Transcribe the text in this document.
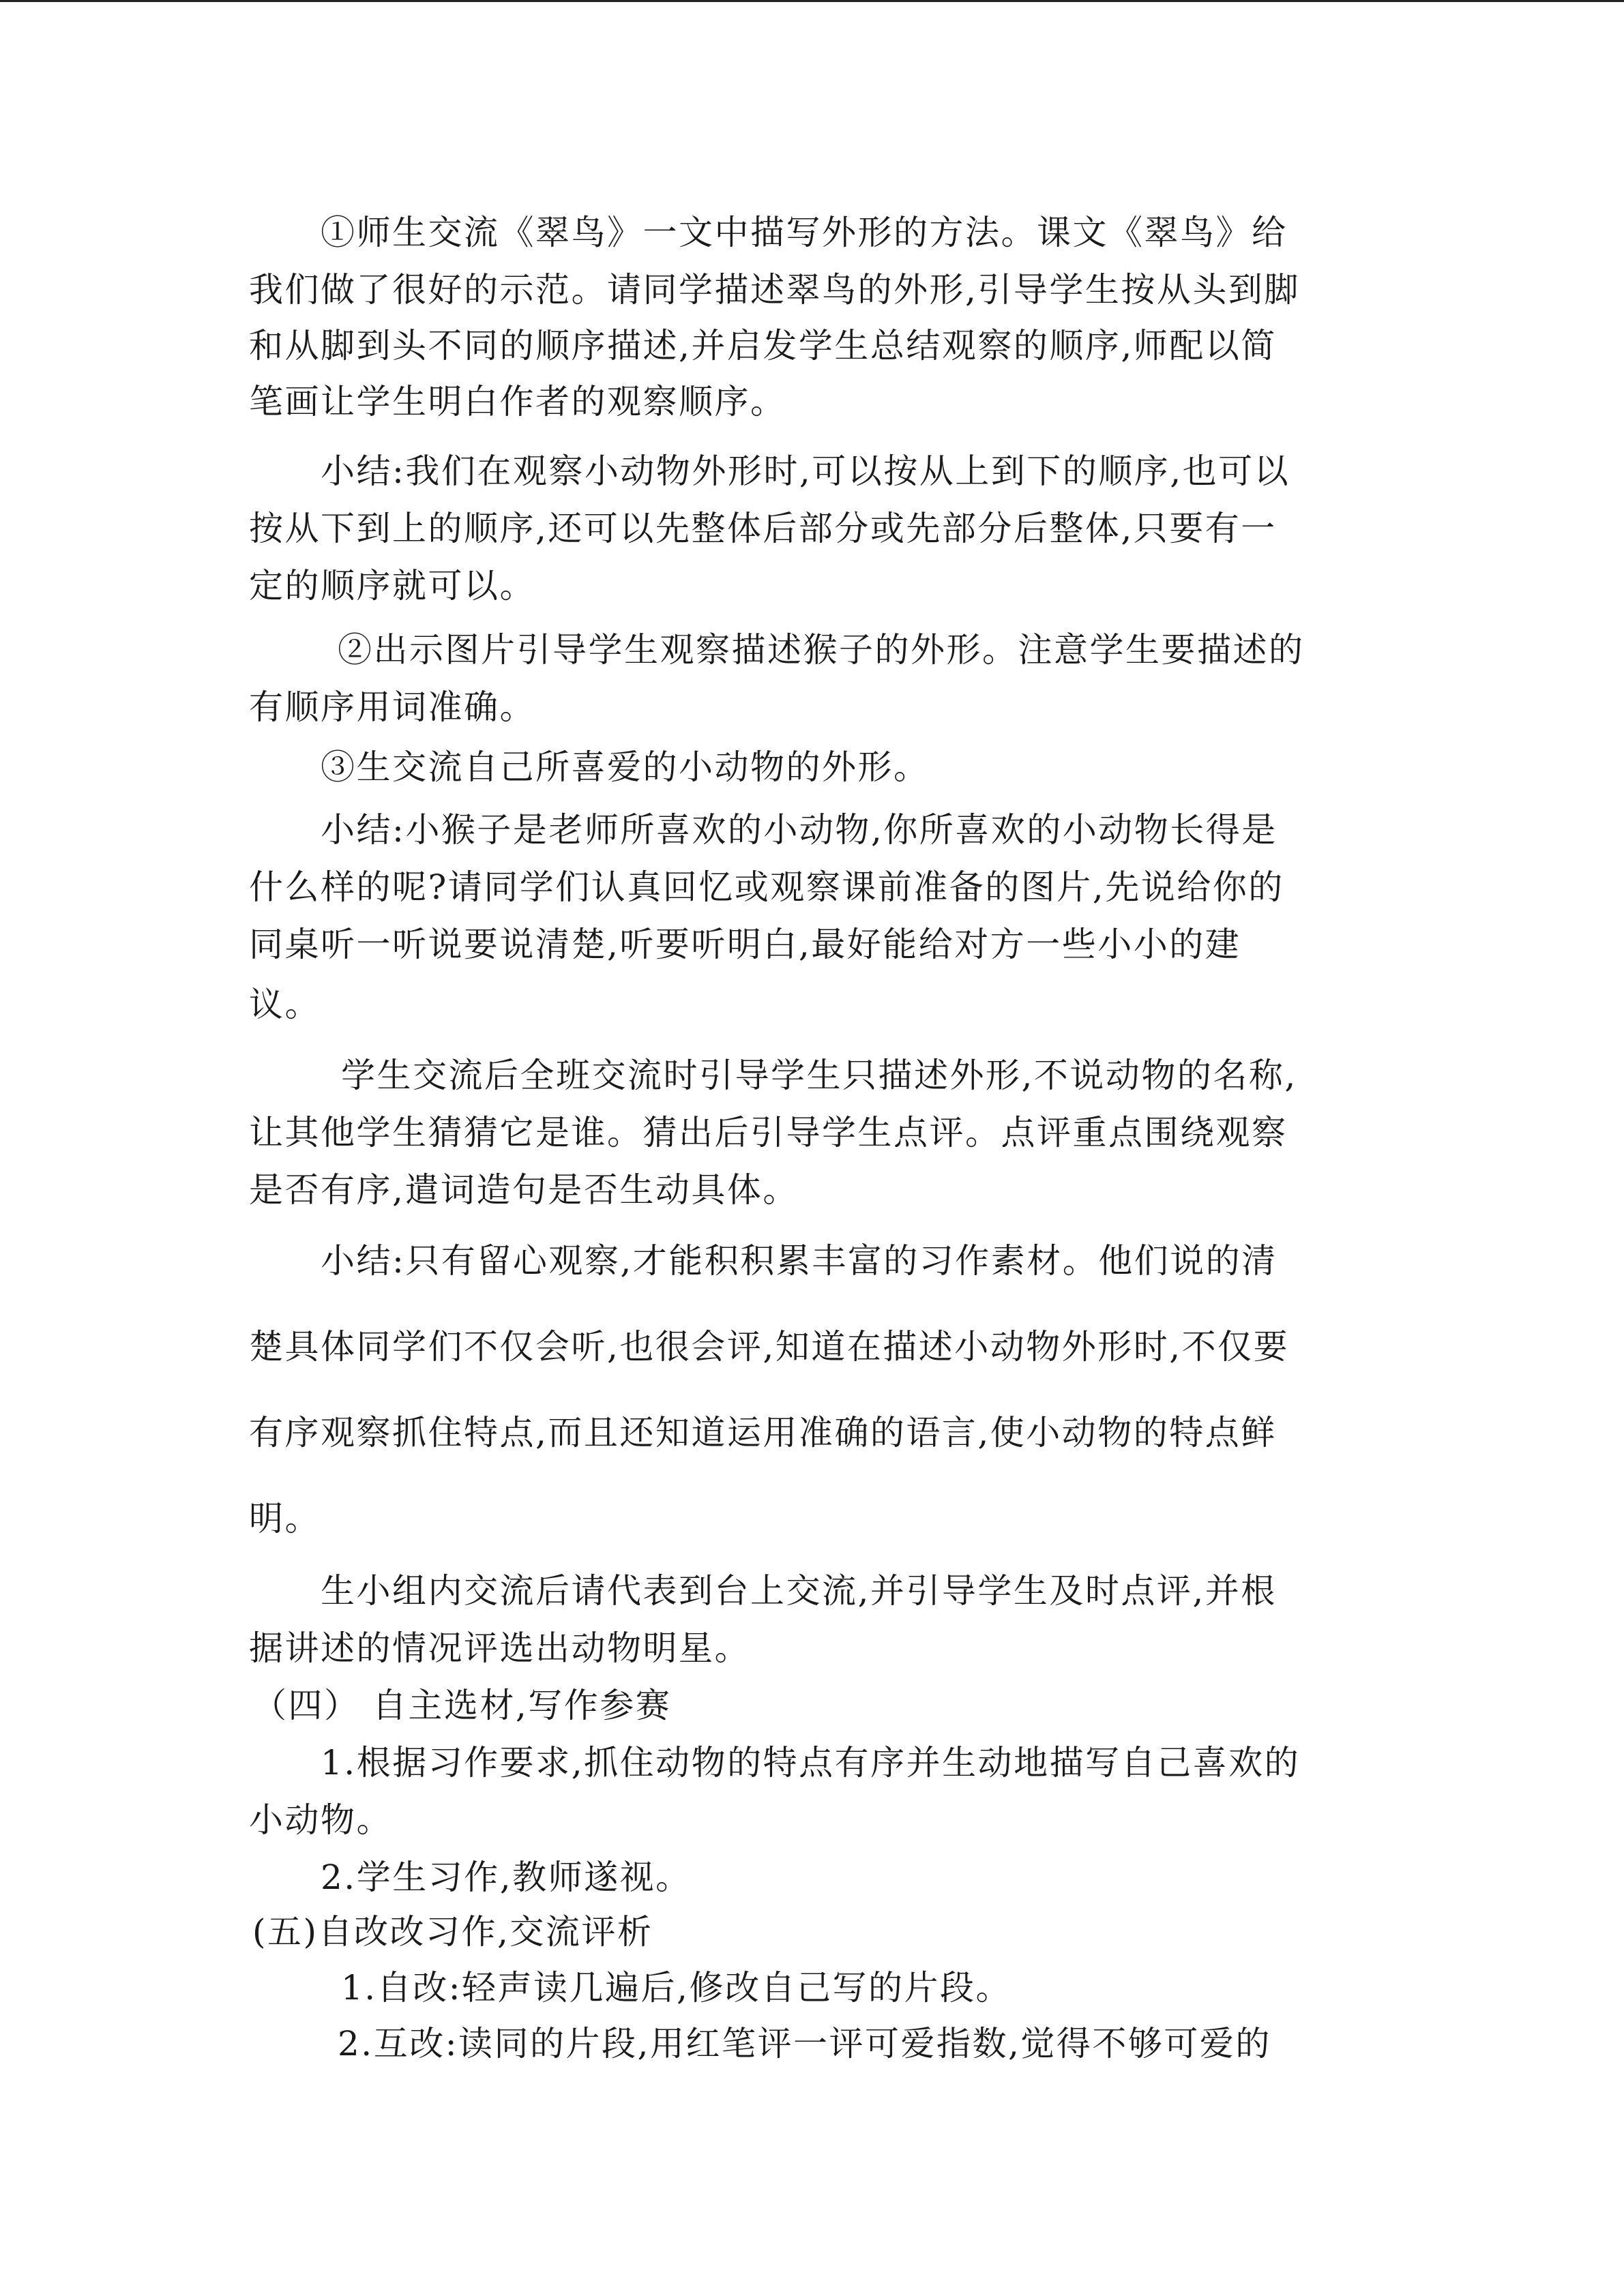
①师生交流《翠鸟》一文中描写外形的方法。课文《翠鸟》给

我们做了很好的示范。请同学描述翠鸟的外形,引导学生按从头到脚

和从脚到头不同的顺序描述,并启发学生总结观察的顺序,师配以简

笔画让学生明白作者的观察顺序。

小结:我们在观察小动物外形时,可以按从上到下的顺序,也可以

按从下到上的顺序,还可以先整体后部分或先部分后整体,只要有一

定的顺序就可以。

②出示图片引导学生观察描述猴子的外形。注意学生要描述的

有顺序用词准确。

③生交流自己所喜爱的小动物的外形。

小结:小猴子是老师所喜欢的小动物,你所喜欢的小动物长得是

什么样的呢?请同学们认真回忆或观察课前准备的图片,先说给你的

同桌听一听说要说清楚,听要听明白,最好能给对方一些小小的建

议。

学生交流后全班交流时引导学生只描述外形,不说动物的名称,

让其他学生猜猜它是谁。猜出后引导学生点评。点评重点围绕观察

是否有序,遣词造句是否生动具体。

小结:只有留心观察,才能积积累丰富的习作素材。他们说的清

楚具体同学们不仅会听,也很会评,知道在描述小动物外形时,不仅要

有序观察抓住特点,而且还知道运用准确的语言,使小动物的特点鲜

明。

生小组内交流后请代表到台上交流,并引导学生及时点评,并根

据讲述的情况评选出动物明星。

（四） 自主选材,写作参赛

1.根据习作要求,抓住动物的特点有序并生动地描写自己喜欢的

小动物。

2.学生习作,教师遂视。

(五)自改改习作,交流评析

1.自改:轻声读几遍后,修改自己写的片段。

2.互改:读同的片段,用红笔评一评可爱指数,觉得不够可爱的
